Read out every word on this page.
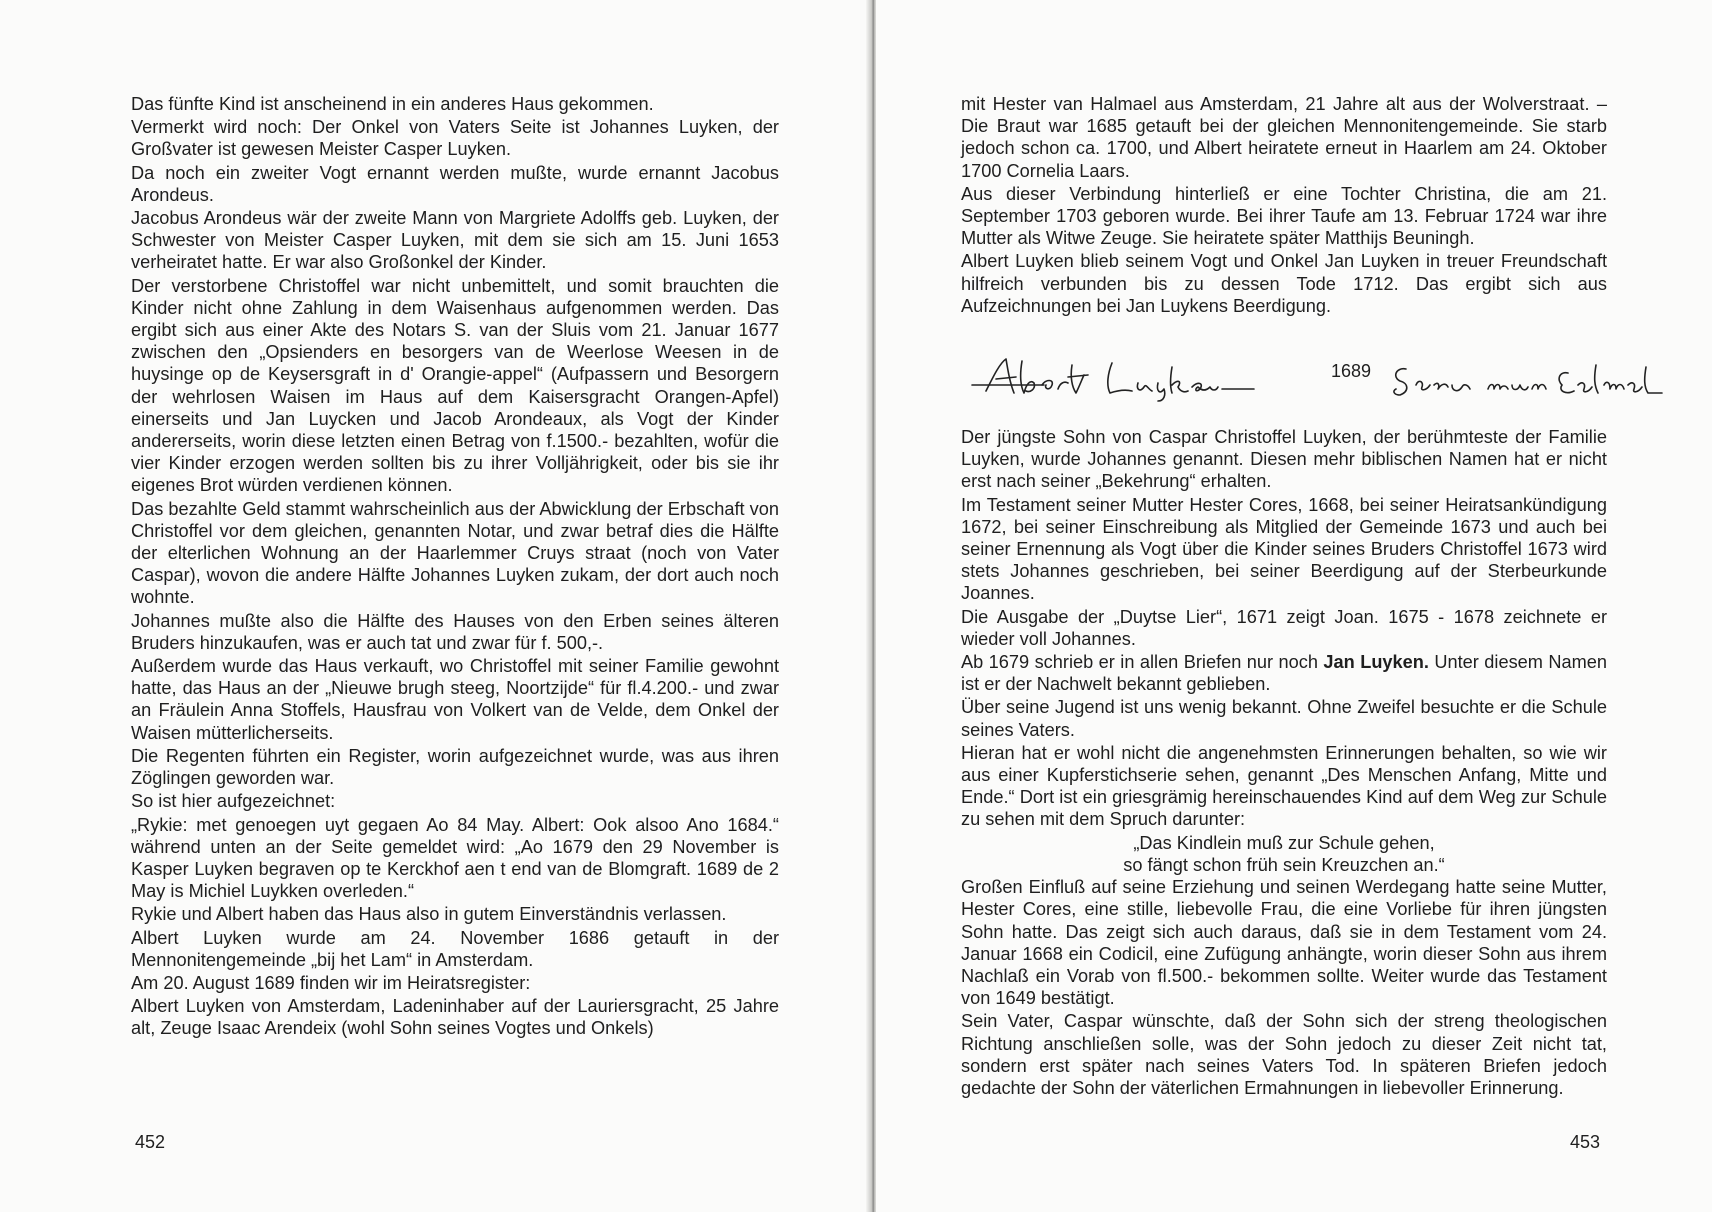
Das fünfte Kind ist anscheinend in ein anderes Haus gekommen.

Vermerkt wird noch: Der Onkel von Vaters Seite ist Johannes Luyken, der Großvater ist gewesen Meister Casper Luyken.

Da noch ein zweiter Vogt ernannt werden mußte, wurde ernannt Jacobus Arondeus.

Jacobus Arondeus wär der zweite Mann von Margriete Adolffs geb. Luyken, der Schwester von Meister Casper Luyken, mit dem sie sich am 15. Juni 1653 verheiratet hatte. Er war also Großonkel der Kinder.

Der verstorbene Christoffel war nicht unbemittelt, und somit brauchten die Kinder nicht ohne Zahlung in dem Waisenhaus aufgenommen werden. Das ergibt sich aus einer Akte des Notars S. van der Sluis vom 21. Januar 1677 zwischen den „Opsienders en besorgers van de Weerlose Weesen in de huysinge op de Keysersgraft in d' Orangie-appel“ (Aufpassern und Besorgern der wehrlosen Waisen im Haus auf dem Kaisersgracht Orangen-Apfel) einerseits und Jan Luycken und Jacob Arondeaux, als Vogt der Kinder andererseits, worin diese letzten einen Betrag von f.1500.- bezahlten, wofür die vier Kinder erzogen werden sollten bis zu ihrer Volljährigkeit, oder bis sie ihr eigenes Brot würden verdienen können.

Das bezahlte Geld stammt wahrscheinlich aus der Abwicklung der Erbschaft von Christoffel vor dem gleichen, genannten Notar, und zwar betraf dies die Hälfte der elterlichen Wohnung an der Haarlemmer Cruys straat (noch von Vater Caspar), wovon die andere Hälfte Johannes Luyken zukam, der dort auch noch wohnte.

Johannes mußte also die Hälfte des Hauses von den Erben seines älteren Bruders hinzukaufen, was er auch tat und zwar für f. 500,-.

Außerdem wurde das Haus verkauft, wo Christoffel mit seiner Familie gewohnt hatte, das Haus an der „Nieuwe brugh steeg, Noortzijde“ für fl.4.200.- und zwar an Fräulein Anna Stoffels, Hausfrau von Volkert van de Velde, dem Onkel der Waisen mütterlicherseits.

Die Regenten führten ein Register, worin aufgezeichnet wurde, was aus ihren Zöglingen geworden war.

So ist hier aufgezeichnet:

„Rykie: met genoegen uyt gegaen Ao 84 May. Albert: Ook alsoo Ano 1684.“ während unten an der Seite gemeldet wird: „Ao 1679 den 29 November is Kasper Luyken begraven op te Kerckhof aen t end van de Blomgraft. 1689 de 2 May is Michiel Luykken overleden.“

Rykie und Albert haben das Haus also in gutem Einverständnis verlassen.

Albert Luyken wurde am 24. November 1686 getauft in der Mennonitengemeinde „bij het Lam“ in Amsterdam.

Am 20. August 1689 finden wir im Heiratsregister:

Albert Luyken von Amsterdam, Ladeninhaber auf der Lauriersgracht, 25 Jahre alt, Zeuge Isaac Arendeix (wohl Sohn seines Vogtes und Onkels)

452

mit Hester van Halmael aus Amsterdam, 21 Jahre alt aus der Wolverstraat. – Die Braut war 1685 getauft bei der gleichen Mennonitengemeinde. Sie starb jedoch schon ca. 1700, und Albert heiratete erneut in Haarlem am 24. Oktober 1700 Cornelia Laars.

Aus dieser Verbindung hinterließ er eine Tochter Christina, die am 21. September 1703 geboren wurde. Bei ihrer Taufe am 13. Februar 1724 war ihre Mutter als Witwe Zeuge. Sie heiratete später Matthijs Beuningh.

Albert Luyken blieb seinem Vogt und Onkel Jan Luyken in treuer Freundschaft hilfreich verbunden bis zu dessen Tode 1712. Das ergibt sich aus Aufzeichnungen bei Jan Luykens Beerdigung.

Der jüngste Sohn von Caspar Christoffel Luyken, der berühmteste der Familie Luyken, wurde Johannes genannt. Diesen mehr biblischen Namen hat er nicht erst nach seiner „Bekehrung“ erhalten.

Im Testament seiner Mutter Hester Cores, 1668, bei seiner Heiratsankündigung 1672, bei seiner Einschreibung als Mitglied der Gemeinde 1673 und auch bei seiner Ernennung als Vogt über die Kinder seines Bruders Christoffel 1673 wird stets Johannes geschrieben, bei seiner Beerdigung auf der Sterbeurkunde Joannes.

Die Ausgabe der „Duytse Lier“, 1671 zeigt Joan. 1675 - 1678 zeichnete er wieder voll Johannes.

Ab 1679 schrieb er in allen Briefen nur noch Jan Luyken. Unter diesem Namen ist er der Nachwelt bekannt geblieben.

Über seine Jugend ist uns wenig bekannt. Ohne Zweifel besuchte er die Schule seines Vaters.

Hieran hat er wohl nicht die angenehmsten Erinnerungen behalten, so wie wir aus einer Kupferstichserie sehen, genannt „Des Menschen Anfang, Mitte und Ende.“ Dort ist ein griesgrämig hereinschauendes Kind auf dem Weg zur Schule zu sehen mit dem Spruch darunter:

„Das Kindlein muß zur Schule gehen,

so fängt schon früh sein Kreuzchen an.“

Großen Einfluß auf seine Erziehung und seinen Werdegang hatte seine Mutter, Hester Cores, eine stille, liebevolle Frau, die eine Vorliebe für ihren jüngsten Sohn hatte. Das zeigt sich auch daraus, daß sie in dem Testament vom 24. Januar 1668 ein Codicil, eine Zufügung anhängte, worin dieser Sohn aus ihrem Nachlaß ein Vorab von fl.500.- bekommen sollte. Weiter wurde das Testament von 1649 bestätigt.

Sein Vater, Caspar wünschte, daß der Sohn sich der streng theologischen Richtung anschließen solle, was der Sohn jedoch zu dieser Zeit nicht tat, sondern erst später nach seines Vaters Tod. In späteren Briefen jedoch gedachte der Sohn der väterlichen Ermahnungen in liebevoller Erinnerung.

1689
453
